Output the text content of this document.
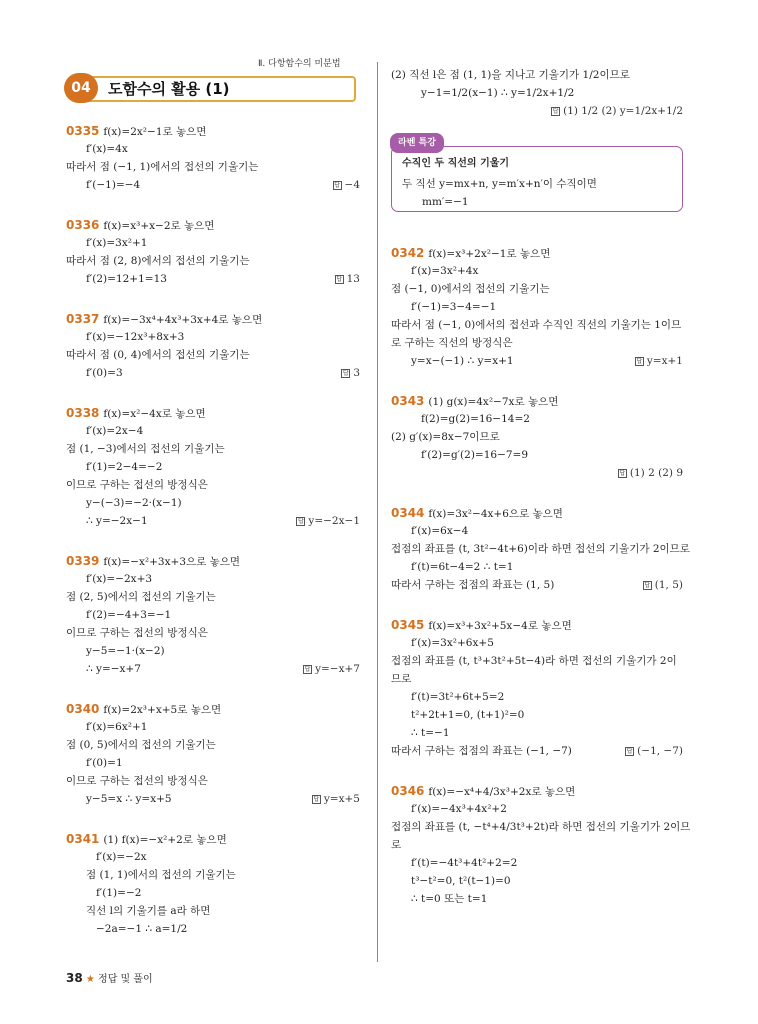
Ⅱ. 다항함수의 미분법
04	도함수의 활용 (1)
0335 f(x)=2x²−1로 놓으면
f′(x)=4x
따라서 점 (−1, 1)에서의 접선의 기울기는
f′(−1)=−4	답 −4
0336 f(x)=x³+x−2로 놓으면
f′(x)=3x²+1
따라서 점 (2, 8)에서의 접선의 기울기는
f′(2)=12+1=13	답 13
0337 f(x)=−3x⁴+4x³+3x+4로 놓으면
f′(x)=−12x³+8x+3
따라서 점 (0, 4)에서의 접선의 기울기는
f′(0)=3	답 3
0338 f(x)=x²−4x로 놓으면
f′(x)=2x−4
점 (1, −3)에서의 접선의 기울기는
f′(1)=2−4=−2
이므로 구하는 접선의 방정식은
y−(−3)=−2·(x−1)
∴ y=−2x−1	답 y=−2x−1
0339 f(x)=−x²+3x+3으로 놓으면
f′(x)=−2x+3
점 (2, 5)에서의 접선의 기울기는
f′(2)=−4+3=−1
이므로 구하는 접선의 방정식은
y−5=−1·(x−2)
∴ y=−x+7	답 y=−x+7
0340 f(x)=2x³+x+5로 놓으면
f′(x)=6x²+1
점 (0, 5)에서의 접선의 기울기는
f′(0)=1
이므로 구하는 접선의 방정식은
y−5=x ∴ y=x+5	답 y=x+5
0341 (1) f(x)=−x²+2로 놓으면
f′(x)=−2x
점 (1, 1)에서의 접선의 기울기는
f′(1)=−2
직선 l의 기울기를 a라 하면
−2a=−1 ∴ a=1/2
(2) 직선 l은 점 (1, 1)을 지나고 기울기가 1/2이므로
y−1=1/2(x−1) ∴ y=1/2x+1/2
답 (1) 1/2 (2) y=1/2x+1/2
라벤 특강
수직인 두 직선의 기울기
두 직선 y=mx+n, y=m′x+n′이 수직이면
mm′=−1
0342 f(x)=x³+2x²−1로 놓으면
f′(x)=3x²+4x
점 (−1, 0)에서의 접선의 기울기는
f′(−1)=3−4=−1
따라서 점 (−1, 0)에서의 접선과 수직인 직선의 기울기는 1이므
로 구하는 직선의 방정식은
y=x−(−1) ∴ y=x+1	답 y=x+1
0343 (1) g(x)=4x²−7x로 놓으면
f(2)=g(2)=16−14=2
(2) g′(x)=8x−7이므로
f′(2)=g′(2)=16−7=9
답 (1) 2 (2) 9
0344 f(x)=3x²−4x+6으로 놓으면
f′(x)=6x−4
접점의 좌표를 (t, 3t²−4t+6)이라 하면 접선의 기울기가 2이므로
f′(t)=6t−4=2 ∴ t=1
따라서 구하는 접점의 좌표는 (1, 5)	답 (1, 5)
0345 f(x)=x³+3x²+5x−4로 놓으면
f′(x)=3x²+6x+5
접점의 좌표를 (t, t³+3t²+5t−4)라 하면 접선의 기울기가 2이
므로
f′(t)=3t²+6t+5=2
t²+2t+1=0, (t+1)²=0
∴ t=−1
따라서 구하는 접점의 좌표는 (−1, −7)	답 (−1, −7)
0346 f(x)=−x⁴+4/3x³+2x로 놓으면
f′(x)=−4x³+4x²+2
접점의 좌표를 (t, −t⁴+4/3t³+2t)라 하면 접선의 기울기가 2이므
로
f′(t)=−4t³+4t²+2=2
t³−t²=0, t²(t−1)=0
∴ t=0 또는 t=1
38 ★ 정답 및 풀이
